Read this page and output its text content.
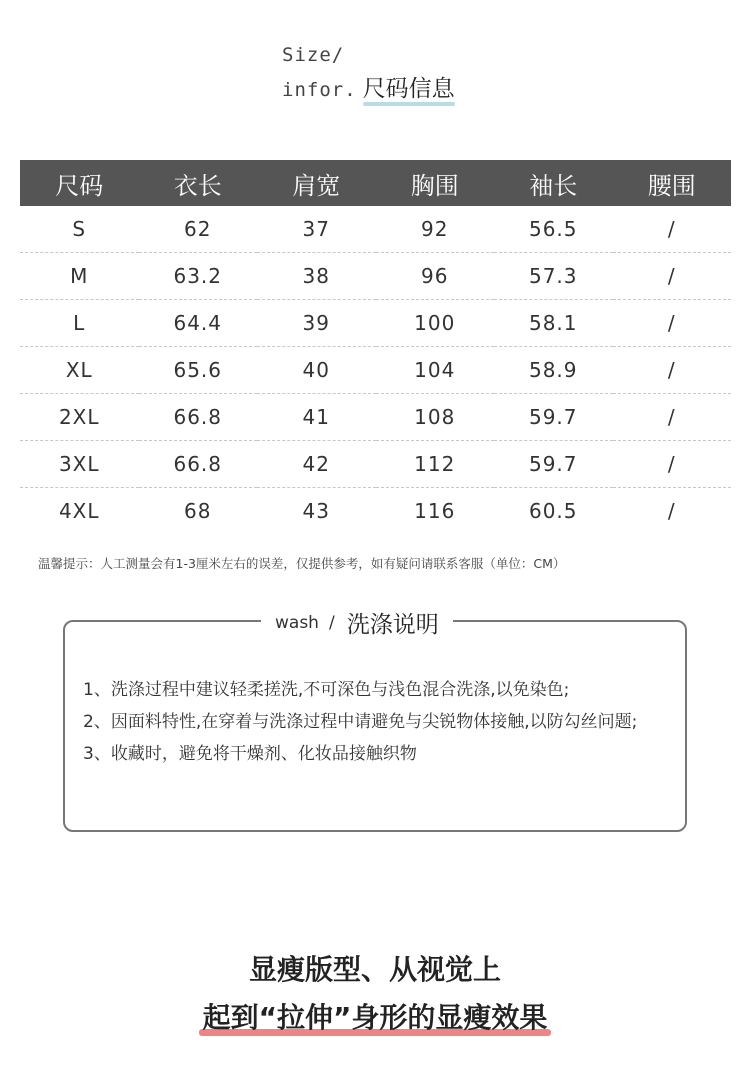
Size/
infor. 尺码信息
尺码	衣长	肩宽	胸围	袖长	腰围
S	62	37	92	56.5	/
M	63.2	38	96	57.3	/
L	64.4	39	100	58.1	/
XL	65.6	40	104	58.9	/
2XL	66.8	41	108	59.7	/
3XL	66.8	42	112	59.7	/
4XL	68	43	116	60.5	/
温馨提示：人工测量会有1-3厘米左右的误差，仅提供参考，如有疑问请联系客服（单位：CM）
wash / 洗涤说明
1、洗涤过程中建议轻柔搓洗,不可深色与浅色混合洗涤,以免染色;
2、因面料特性,在穿着与洗涤过程中请避免与尖锐物体接触,以防勾丝问题;
3、收藏时，避免将干燥剂、化妆品接触织物
显瘦版型、从视觉上
起到“拉伸”身形的显瘦效果
